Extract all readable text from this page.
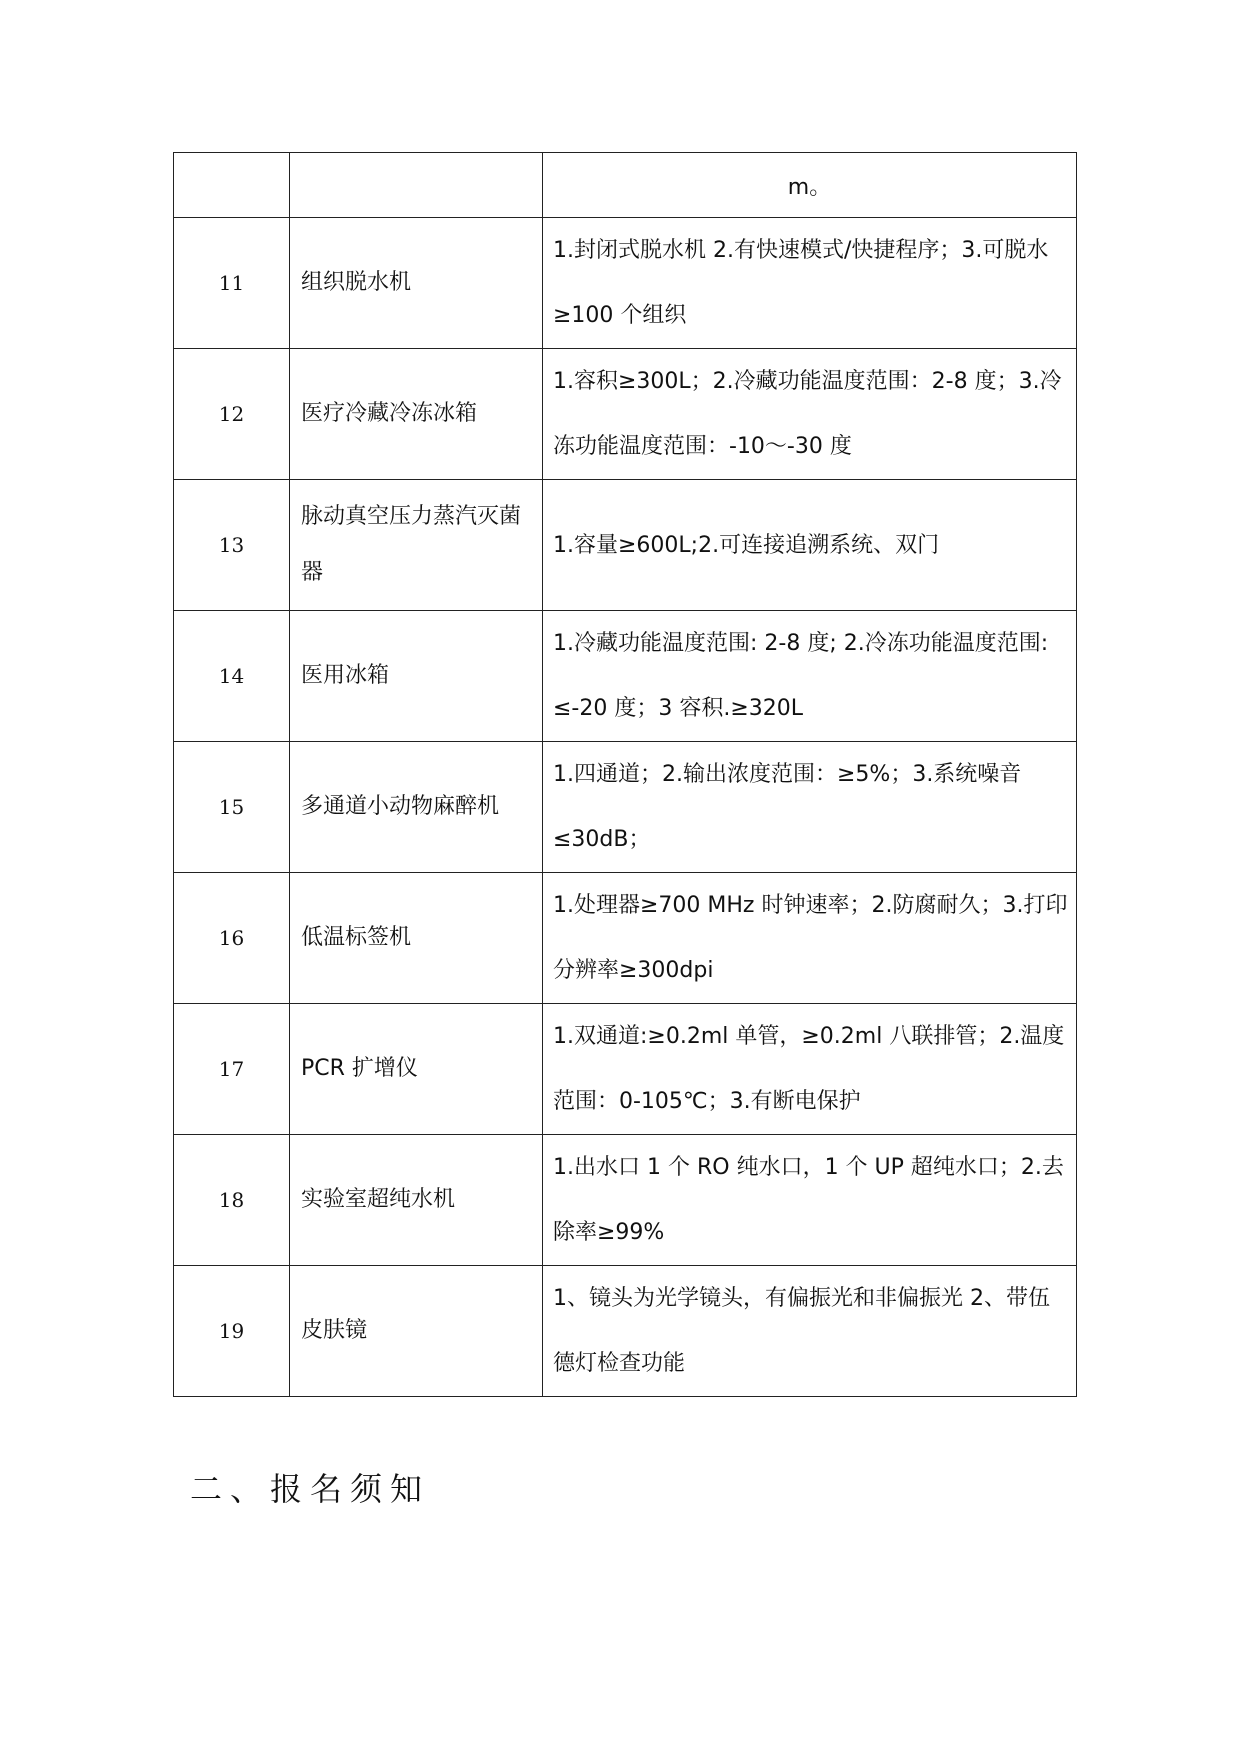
		m。
11	组织脱水机	1.封闭式脱水机 2.有快速模式/快捷程序；3.可脱水≥100 个组织
12	医疗冷藏冷冻冰箱	1.容积≥300L；2.冷藏功能温度范围：2-8 度；3.冷冻功能温度范围：-10～-30 度
13	脉动真空压力蒸汽灭菌器	1.容量≥600L;2.可连接追溯系统、双门
14	医用冰箱	1.冷藏功能温度范围: 2-8 度; 2.冷冻功能温度范围: ≤-20 度；3 容积.≥320L
15	多通道小动物麻醉机	1.四通道；2.输出浓度范围：≥5%；3.系统噪音≤30dB；
16	低温标签机	1.处理器≥700 MHz 时钟速率；2.防腐耐久；3.打印分辨率≥300dpi
17	PCR 扩增仪	1.双通道:≥0.2ml 单管，≥0.2ml 八联排管；2.温度范围：0-105℃；3.有断电保护
18	实验室超纯水机	1.出水口 1 个 RO 纯水口，1 个 UP 超纯水口；2.去除率≥99%
19	皮肤镜	1、镜头为光学镜头，有偏振光和非偏振光 2、带伍德灯检查功能
二、报名须知
